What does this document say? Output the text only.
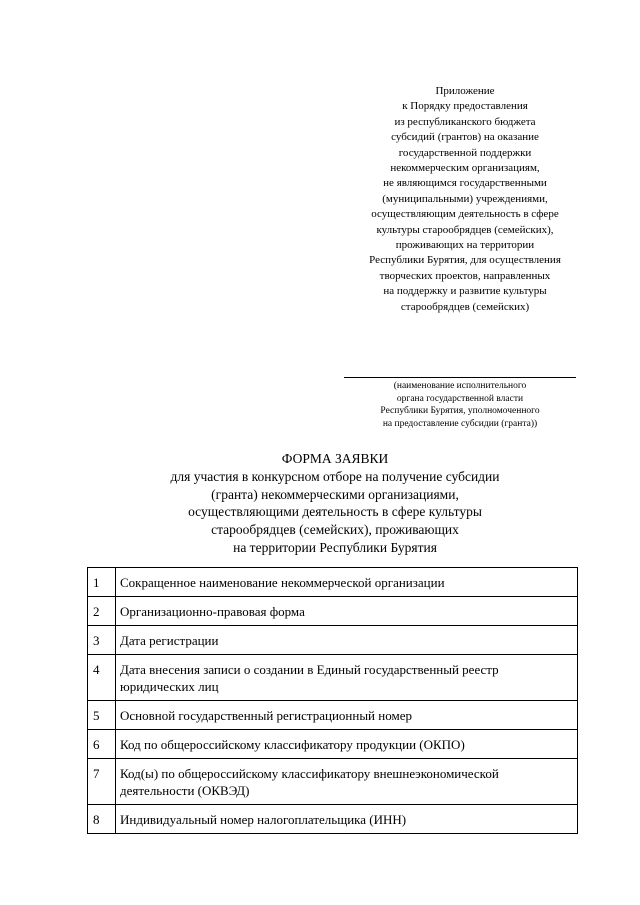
Приложение
к Порядку предоставления
из республиканского бюджета
субсидий (грантов) на оказание
государственной поддержки
некоммерческим организациям,
не являющимся государственными
(муниципальными) учреждениями,
осуществляющим деятельность в сфере
культуры старообрядцев (семейских),
проживающих на территории
Республики Бурятия, для осуществления
творческих проектов, направленных
на поддержку и развитие культуры
старообрядцев (семейских)
(наименование исполнительного
органа государственной власти
Республики Бурятия, уполномоченного
на предоставление субсидии (гранта))
ФОРМА ЗАЯВКИ
для участия в конкурсном отборе на получение субсидии
(гранта) некоммерческими организациями,
осуществляющими деятельность в сфере культуры
старообрядцев (семейских), проживающих
на территории Республики Бурятия
1	Сокращенное наименование некоммерческой организации
2	Организационно-правовая форма
3	Дата регистрации
4	Дата внесения записи о создании в Единый государственный реестр юридических лиц
5	Основной государственный регистрационный номер
6	Код по общероссийскому классификатору продукции (ОКПО)
7	Код(ы) по общероссийскому классификатору внешнеэкономической деятельности (ОКВЭД)
8	Индивидуальный номер налогоплательщика (ИНН)
